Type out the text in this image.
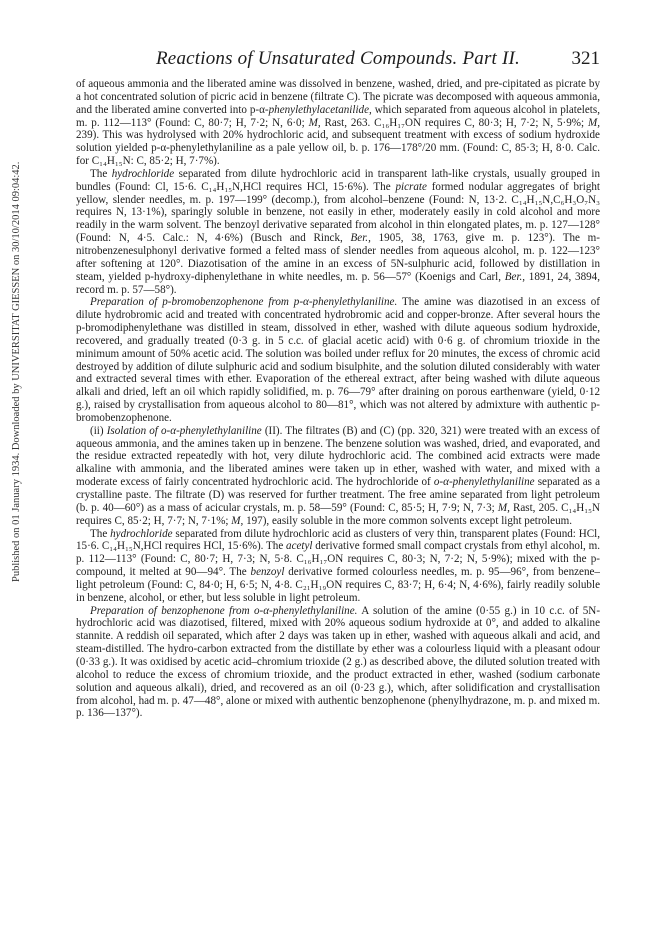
Reactions of Unsaturated Compounds. Part II.	321
Published on 01 January 1934. Downloaded by UNIVERSITAT GIESSEN on 30/10/2014 09:04:42.

of aqueous ammonia and the liberated amine was dissolved in benzene, washed, dried, and pre-cipitated as picrate by a hot concentrated solution of picric acid in benzene (filtrate C). The picrate was decomposed with aqueous ammonia, and the liberated amine converted into p-α-phenylethylacetanilide, which separated from aqueous alcohol in platelets, m. p. 112—113° (Found: C, 80·7; H, 7·2; N, 6·0; M, Rast, 263. C₁₆H₁₇ON requires C, 80·3; H, 7·2; N, 5·9%; M, 239). This was hydrolysed with 20% hydrochloric acid, and subsequent treatment with excess of sodium hydroxide solution yielded p-α-phenylethylaniline as a pale yellow oil, b. p. 176—178°/20 mm. (Found: C, 85·3; H, 8·0. Calc. for C₁₄H₁₅N: C, 85·2; H, 7·7%).

The hydrochloride separated from dilute hydrochloric acid in transparent lath-like crystals, usually grouped in bundles (Found: Cl, 15·6. C₁₄H₁₅N,HCl requires HCl, 15·6%). The picrate formed nodular aggregates of bright yellow, slender needles, m. p. 197—199° (decomp.), from alcohol–benzene (Found: N, 13·2. C₁₄H₁₅N,C₆H₃O₇N₃ requires N, 13·1%), sparingly soluble in benzene, not easily in ether, moderately easily in cold alcohol and more readily in the warm solvent. The benzoyl derivative separated from alcohol in thin elongated plates, m. p. 127—128° (Found: N, 4·5. Calc.: N, 4·6%) (Busch and Rinck, Ber., 1905, 38, 1763, give m. p. 123°). The m-nitrobenzenesulphonyl derivative formed a felted mass of slender needles from aqueous alcohol, m. p. 122—123° after softening at 120°. Diazotisation of the amine in an excess of 5N-sulphuric acid, followed by distillation in steam, yielded p-hydroxy-diphenylethane in white needles, m. p. 56—57° (Koenigs and Carl, Ber., 1891, 24, 3894, record m. p. 57—58°).

Preparation of p-bromobenzophenone from p-α-phenylethylaniline. The amine was diazotised in an excess of dilute hydrobromic acid and treated with concentrated hydrobromic acid and copper-bronze. After several hours the p-bromodiphenylethane was distilled in steam, dissolved in ether, washed with dilute aqueous sodium hydroxide, recovered, and gradually treated (0·3 g. in 5 c.c. of glacial acetic acid) with 0·6 g. of chromium trioxide in the minimum amount of 50% acetic acid. The solution was boiled under reflux for 20 minutes, the excess of chromic acid destroyed by addition of dilute sulphuric acid and sodium bisulphite, and the solution diluted considerably with water and extracted several times with ether. Evaporation of the ethereal extract, after being washed with dilute aqueous alkali and dried, left an oil which rapidly solidified, m. p. 76—79° after draining on porous earthenware (yield, 0·12 g.), raised by crystallisation from aqueous alcohol to 80—81°, which was not altered by admixture with authentic p-bromobenzophenone.

(ii) Isolation of o-α-phenylethylaniline (II). The filtrates (B) and (C) (pp. 320, 321) were treated with an excess of aqueous ammonia, and the amines taken up in benzene. The benzene solution was washed, dried, and evaporated, and the residue extracted repeatedly with hot, very dilute hydrochloric acid. The combined acid extracts were made alkaline with ammonia, and the liberated amines were taken up in ether, washed with water, and mixed with a moderate excess of fairly concentrated hydrochloric acid. The hydrochloride of o-α-phenylethylaniline separated as a crystalline paste. The filtrate (D) was reserved for further treatment. The free amine separated from light petroleum (b. p. 40—60°) as a mass of acicular crystals, m. p. 58—59° (Found: C, 85·5; H, 7·9; N, 7·3; M, Rast, 205. C₁₄H₁₅N requires C, 85·2; H, 7·7; N, 7·1%; M, 197), easily soluble in the more common solvents except light petroleum.

The hydrochloride separated from dilute hydrochloric acid as clusters of very thin, transparent plates (Found: HCl, 15·6. C₁₄H₁₅N,HCl requires HCl, 15·6%). The acetyl derivative formed small compact crystals from ethyl alcohol, m. p. 112—113° (Found: C, 80·7; H, 7·3; N, 5·8. C₁₆H₁₇ON requires C, 80·3; N, 7·2; N, 5·9%); mixed with the p-compound, it melted at 90—94°. The benzoyl derivative formed colourless needles, m. p. 95—96°, from benzene–light petroleum (Found: C, 84·0; H, 6·5; N, 4·8. C₂₁H₁₉ON requires C, 83·7; H, 6·4; N, 4·6%), fairly readily soluble in benzene, alcohol, or ether, but less soluble in light petroleum.

Preparation of benzophenone from o-α-phenylethylaniline. A solution of the amine (0·55 g.) in 10 c.c. of 5N-hydrochloric acid was diazotised, filtered, mixed with 20% aqueous sodium hydroxide at 0°, and added to alkaline stannite. A reddish oil separated, which after 2 days was taken up in ether, washed with aqueous alkali and acid, and steam-distilled. The hydro-carbon extracted from the distillate by ether was a colourless liquid with a pleasant odour (0·33 g.). It was oxidised by acetic acid–chromium trioxide (2 g.) as described above, the diluted solution treated with alcohol to reduce the excess of chromium trioxide, and the product extracted in ether, washed (sodium carbonate solution and aqueous alkali), dried, and recovered as an oil (0·23 g.), which, after solidification and crystallisation from alcohol, had m. p. 47—48°, alone or mixed with authentic benzophenone (phenylhydrazone, m. p. and mixed m. p. 136—137°).
